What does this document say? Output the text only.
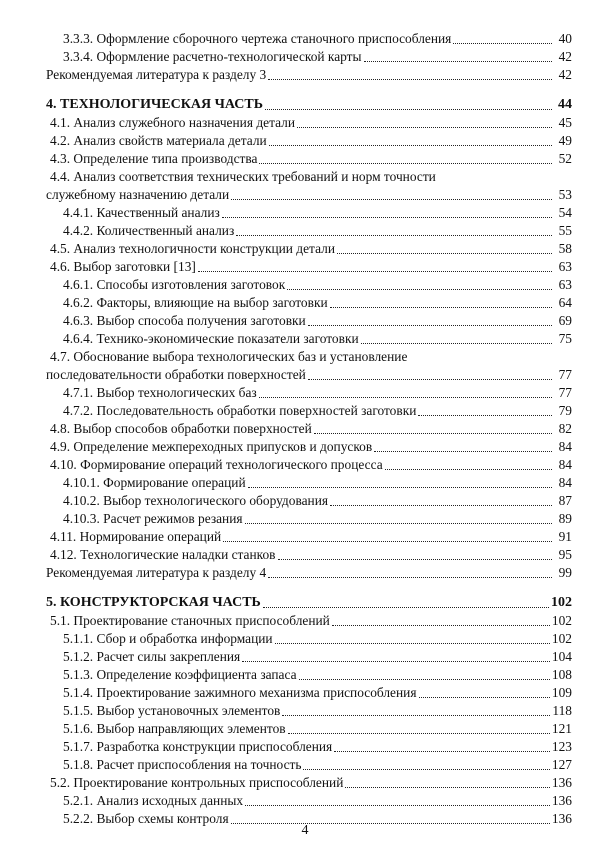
3.3.3. Оформление сборочного чертежа станочного приспособления	40
3.3.4. Оформление расчетно-технологической карты	42
Рекомендуемая литература к разделу 3	42
4. ТЕХНОЛОГИЧЕСКАЯ ЧАСТЬ	44
4.1. Анализ служебного назначения детали	45
4.2. Анализ свойств материала детали	49
4.3. Определение типа производства	52
4.4. Анализ соответствия технических требований и норм точности
служебному назначению детали	53
4.4.1. Качественный анализ	54
4.4.2. Количественный анализ	55
4.5. Анализ технологичности конструкции детали	58
4.6. Выбор заготовки [13]	63
4.6.1. Способы изготовления заготовок	63
4.6.2. Факторы, влияющие на выбор заготовки	64
4.6.3. Выбор способа получения заготовки	69
4.6.4. Технико-экономические показатели заготовки	75
4.7. Обоснование выбора технологических баз и установление
последовательности обработки поверхностей	77
4.7.1. Выбор технологических баз	77
4.7.2. Последовательность обработки поверхностей заготовки	79
4.8. Выбор способов обработки поверхностей	82
4.9. Определение межпереходных припусков и допусков	84
4.10. Формирование операций технологического процесса	84
4.10.1. Формирование операций	84
4.10.2. Выбор технологического оборудования	87
4.10.3. Расчет режимов резания	89
4.11. Нормирование операций	91
4.12. Технологические наладки станков	95
Рекомендуемая литература к разделу 4	99
5. КОНСТРУКТОРСКАЯ ЧАСТЬ	102
5.1. Проектирование станочных приспособлений	102
5.1.1. Сбор и обработка информации	102
5.1.2. Расчет силы закрепления	104
5.1.3. Определение коэффициента запаса	108
5.1.4. Проектирование зажимного механизма приспособления	109
5.1.5. Выбор установочных элементов	118
5.1.6. Выбор направляющих элементов	121
5.1.7. Разработка конструкции приспособления	123
5.1.8. Расчет приспособления на точность	127
5.2. Проектирование контрольных приспособлений	136
5.2.1. Анализ исходных данных	136
5.2.2. Выбор схемы контроля	136
4
